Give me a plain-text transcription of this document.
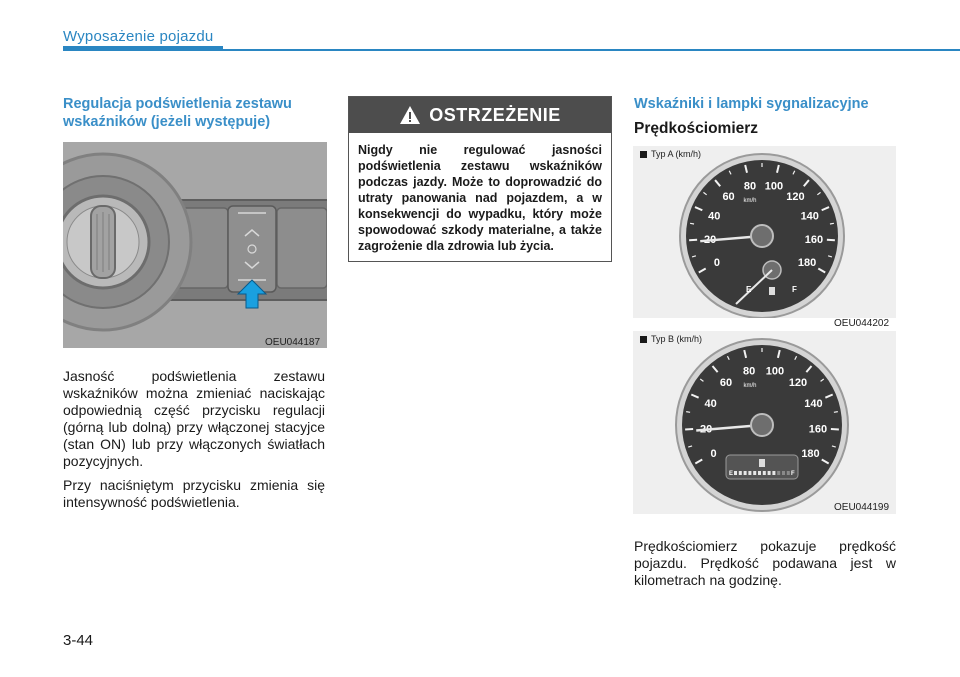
Wyposażenie pojazdu
Regulacja podświetlenia zestawu
wskaźników (jeżeli występuje)
OEU044187

Jasność podświetlenia zestawu wskaźników można zmieniać naciskając odpowiednią część przycisku regulacji (górną lub dolną) przy włączonej stacyjce (stan ON) lub przy włączonych światłach pozycyjnych.

Przy naciśniętym przycisku zmienia się intensywność podświetlenia.

OSTRZEŻENIE
Nigdy nie regulować jasności podświetlenia zestawu wskaźników podczas jazdy. Może to doprowadzić do utraty panowania nad pojazdem, a w konsekwencji do wypadku, który może spowodować szkody materialne, a także zagrożenie dla zdrowia lub życia.
Wskaźniki i lampki sygnalizacyjne
Prędkościomierz
0
40
60
80 100
120
140
160
180
km/h
E	F
Typ A (km/h)
OEU044202
0
40
60
80 100
120
140
160
180
km/h
E	F
Typ B (km/h)
OEU044199

Prędkościomierz pokazuje prędkość pojazdu. Prędkość podawana jest w kilometrach na godzinę.

3-44
